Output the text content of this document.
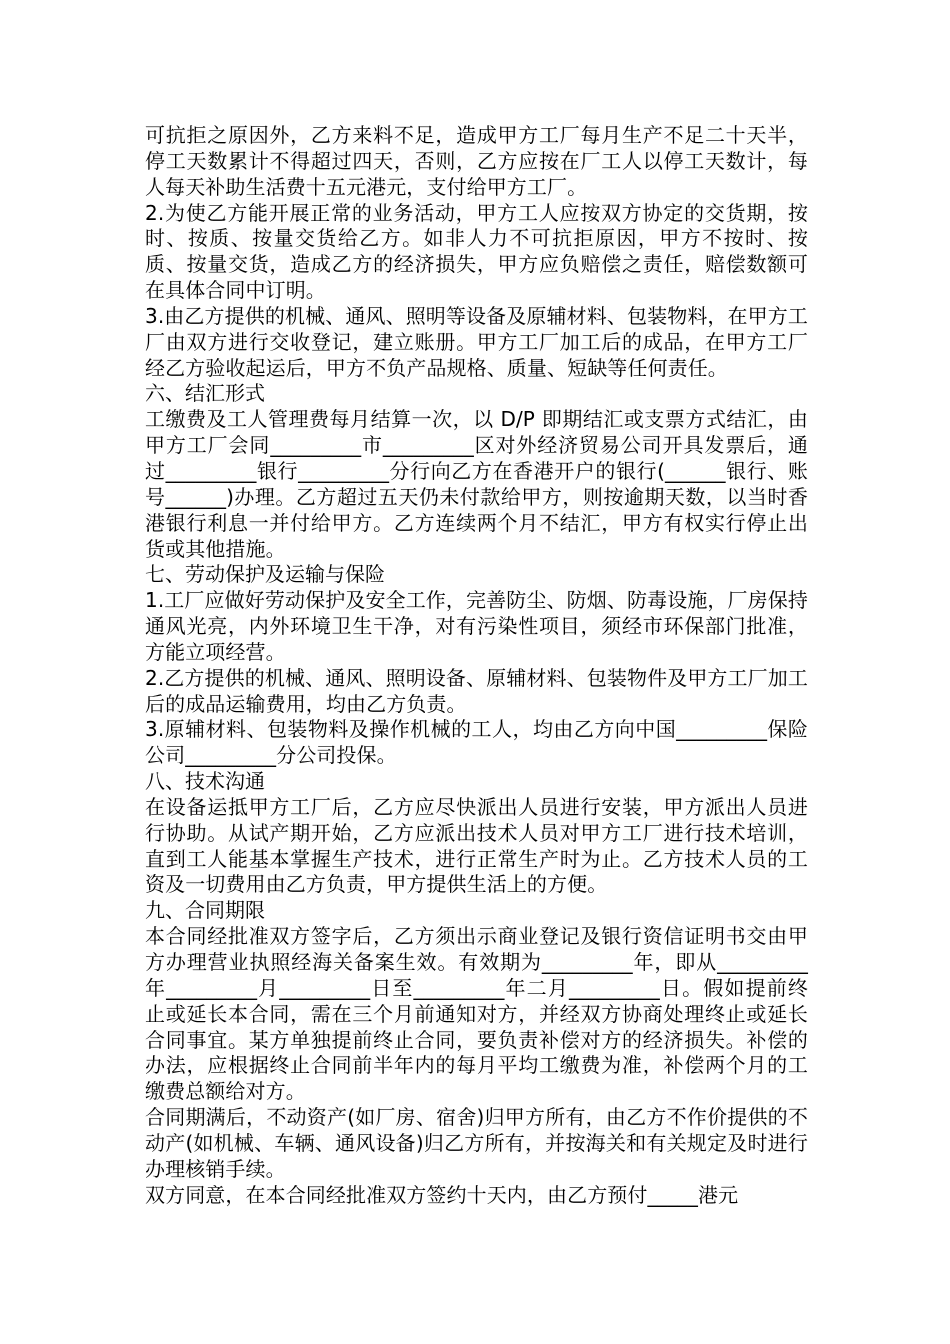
可抗拒之原因外，乙方来料不足，造成甲方工厂每月生产不足二十天半，停工天数累计不得超过四天，否则，乙方应按在厂工人以停工天数计，每人每天补助生活费十五元港元，支付给甲方工厂。

2.为使乙方能开展正常的业务活动，甲方工人应按双方协定的交货期，按时、按质、按量交货给乙方。如非人力不可抗拒原因，甲方不按时、按质、按量交货，造成乙方的经济损失，甲方应负赔偿之责任，赔偿数额可在具体合同中订明。

3.由乙方提供的机械、通风、照明等设备及原辅材料、包装物料，在甲方工厂由双方进行交收登记，建立账册。甲方工厂加工后的成品，在甲方工厂经乙方验收起运后，甲方不负产品规格、质量、短缺等任何责任。

六、结汇形式

工缴费及工人管理费每月结算一次，以 D/P 即期结汇或支票方式结汇，由甲方工厂会同_________市_________区对外经济贸易公司开具发票后，通过_________银行_________分行向乙方在香港开户的银行(______银行、账号______)办理。乙方超过五天仍未付款给甲方，则按逾期天数，以当时香港银行利息一并付给甲方。乙方连续两个月不结汇，甲方有权实行停止出货或其他措施。

七、劳动保护及运输与保险

1.工厂应做好劳动保护及安全工作，完善防尘、防烟、防毒设施，厂房保持通风光亮，内外环境卫生干净，对有污染性项目，须经市环保部门批准，方能立项经营。

2.乙方提供的机械、通风、照明设备、原辅材料、包装物件及甲方工厂加工后的成品运输费用，均由乙方负责。

3.原辅材料、包装物料及操作机械的工人，均由乙方向中国_________保险公司_________分公司投保。

八、技术沟通

在设备运抵甲方工厂后，乙方应尽快派出人员进行安装，甲方派出人员进行协助。从试产期开始，乙方应派出技术人员对甲方工厂进行技术培训，直到工人能基本掌握生产技术，进行正常生产时为止。乙方技术人员的工资及一切费用由乙方负责，甲方提供生活上的方便。

九、合同期限

本合同经批准双方签字后，乙方须出示商业登记及银行资信证明书交由甲方办理营业执照经海关备案生效。有效期为_________年，即从_________年_________月_________日至_________年二月_________日。假如提前终止或延长本合同，需在三个月前通知对方，并经双方协商处理终止或延长合同事宜。某方单独提前终止合同，要负责补偿对方的经济损失。补偿的办法，应根据终止合同前半年内的每月平均工缴费为准，补偿两个月的工缴费总额给对方。

合同期满后，不动资产(如厂房、宿舍)归甲方所有，由乙方不作价提供的不动产(如机械、车辆、通风设备)归乙方所有，并按海关和有关规定及时进行办理核销手续。

双方同意，在本合同经批准双方签约十天内，由乙方预付_____港元
